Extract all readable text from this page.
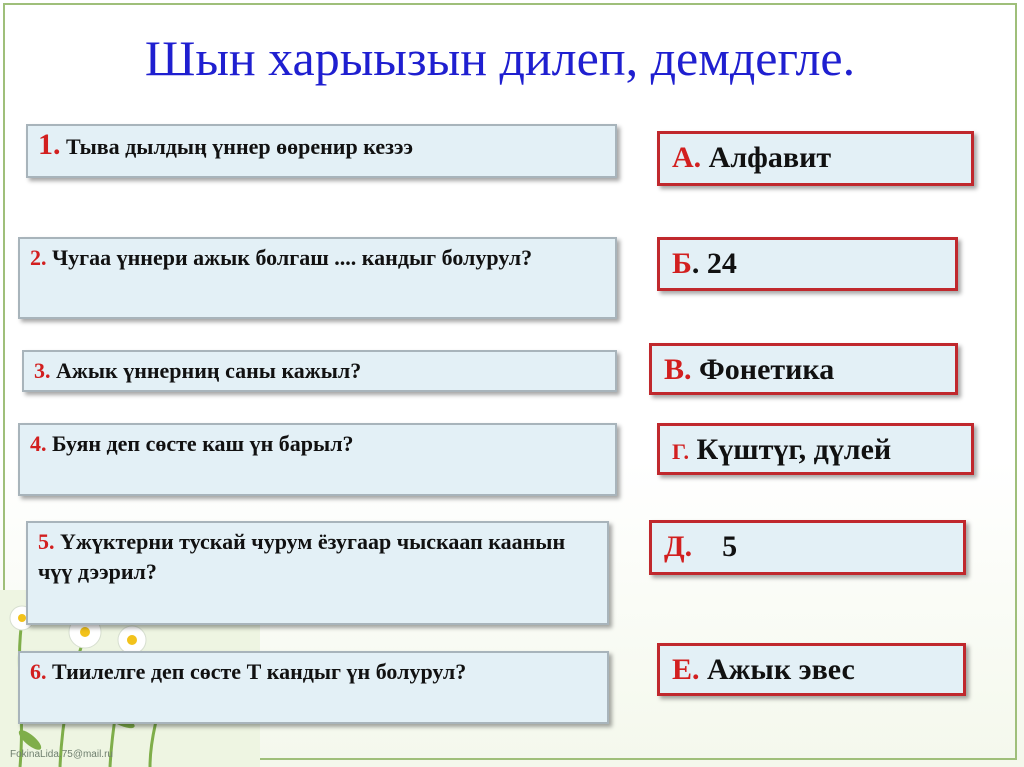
Шын харыызын дилеп, демдегле.
1. Тыва дылдың үннер өөренир кезээ
2. Чугаа үннери ажык болгаш .... кандыг болурул?
3. Ажык үннерниң саны кажыл?
4. Буян деп сөсте каш үн барыл?
5. Үжүктерни тускай чурум ёзугаар чыскаап каанын чүү дээрил?
6. Тиилелге деп сөсте Т кандыг үн болурул?
А. Алфавит
Б. 24
В. Фонетика
Г. Күштүг, дүлей
Д.    5
Е. Ажык эвес
FokinaLida.75@mail.ru
